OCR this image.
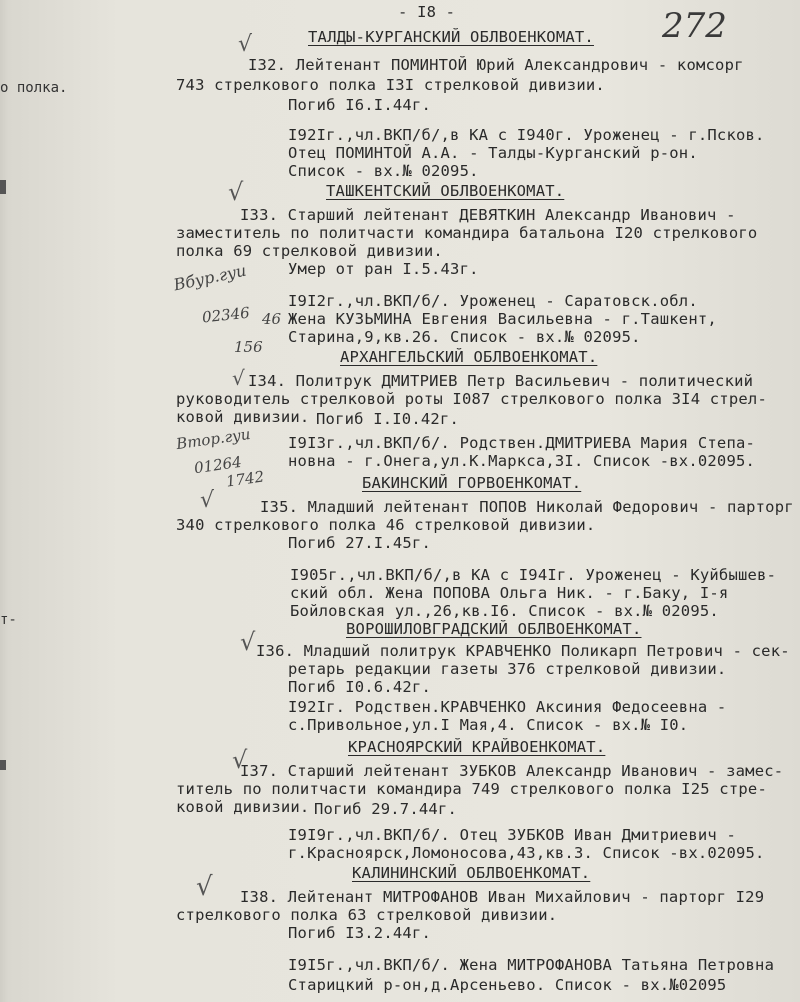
о полка.
т-
- I8 -	272
ТАЛДЫ-КУРГАНСКИЙ ОБЛВОЕНКОМАТ.
√
I32. Лейтенант ПОМИНТОЙ Юрий Александрович - комсорг
743 стрелкового полка I3I стрелковой дивизии.
Погиб I6.I.44г.
I92Iг.,чл.ВКП/б/,в КА с I940г. Уроженец - г.Псков.
Отец ПОМИНТОЙ А.А. - Талды-Курганский р-он.
Список - вх.№ 02095.
ТАШКЕНТСКИЙ ОБЛВОЕНКОМАТ.
√
I33. Старший лейтенант ДЕВЯТКИН Александр Иванович -
заместитель по политчасти командира батальона I20 стрелкового
полка 69 стрелковой дивизии.
Умер от ран I.5.43г.
Вбур.гуи
I9I2г.,чл.ВКП/б/. Уроженец - Саратовск.обл.
Жена КУЗЬМИНА Евгения Васильевна - г.Ташкент,
Старина,9,кв.26. Список - вх.№ 02095.
02346 46
156
АРХАНГЕЛЬСКИЙ ОБЛВОЕНКОМАТ.
√ I34. Политрук ДМИТРИЕВ Петр Васильевич - политический
руководитель стрелковой роты I087 стрелкового полка 3I4 стрел-
ковой дивизии. Погиб I.I0.42г.
Втор.гуи I9I3г.,чл.ВКП/б/. Родствен.ДМИТРИЕВА Мария Степа-
новна - г.Онега,ул.К.Маркса,3I. Список -вх.02095.
01264
1742	БАКИНСКИЙ ГОРВОЕНКОМАТ.
√	I35. Младший лейтенант ПОПОВ Николай Федорович - парторг
340 стрелкового полка 46 стрелковой дивизии.
Погиб 27.I.45г.
I905г.,чл.ВКП/б/,в КА с I94Iг. Уроженец - Куйбышев-
ский обл. Жена ПОПОВА Ольга Ник. - г.Баку, I-я
Бойловская ул.,26,кв.I6. Список - вх.№ 02095.
ВОРОШИЛОВГРАДСКИЙ ОБЛВОЕНКОМАТ.
√ I36. Младший политрук КРАВЧЕНКО Поликарп Петрович - сек-
ретарь редакции газеты 376 стрелковой дивизии.
Погиб I0.6.42г.
I92Iг. Родствен.КРАВЧЕНКО Аксиния Федосеевна -
с.Привольное,ул.I Мая,4. Список - вх.№ I0.
КРАСНОЯРСКИЙ КРАЙВОЕНКОМАТ.
√
I37. Старший лейтенант ЗУБКОВ Александр Иванович - замес-
титель по политчасти командира 749 стрелкового полка I25 стре-
ковой дивизии. Погиб 29.7.44г.
I9I9г.,чл.ВКП/б/. Отец ЗУБКОВ Иван Дмитриевич -
г.Красноярск,Ломоносова,43,кв.3. Список -вх.02095.
КАЛИНИНСКИЙ ОБЛВОЕНКОМАТ.
√ I38. Лейтенант МИТРОФАНОВ Иван Михайлович - парторг I29
стрелкового полка 63 стрелковой дивизии.
Погиб I3.2.44г.
I9I5г.,чл.ВКП/б/. Жена МИТРОФАНОВА Татьяна Петровна
Старицкий р-он,д.Арсеньево. Список - вх.№02095
